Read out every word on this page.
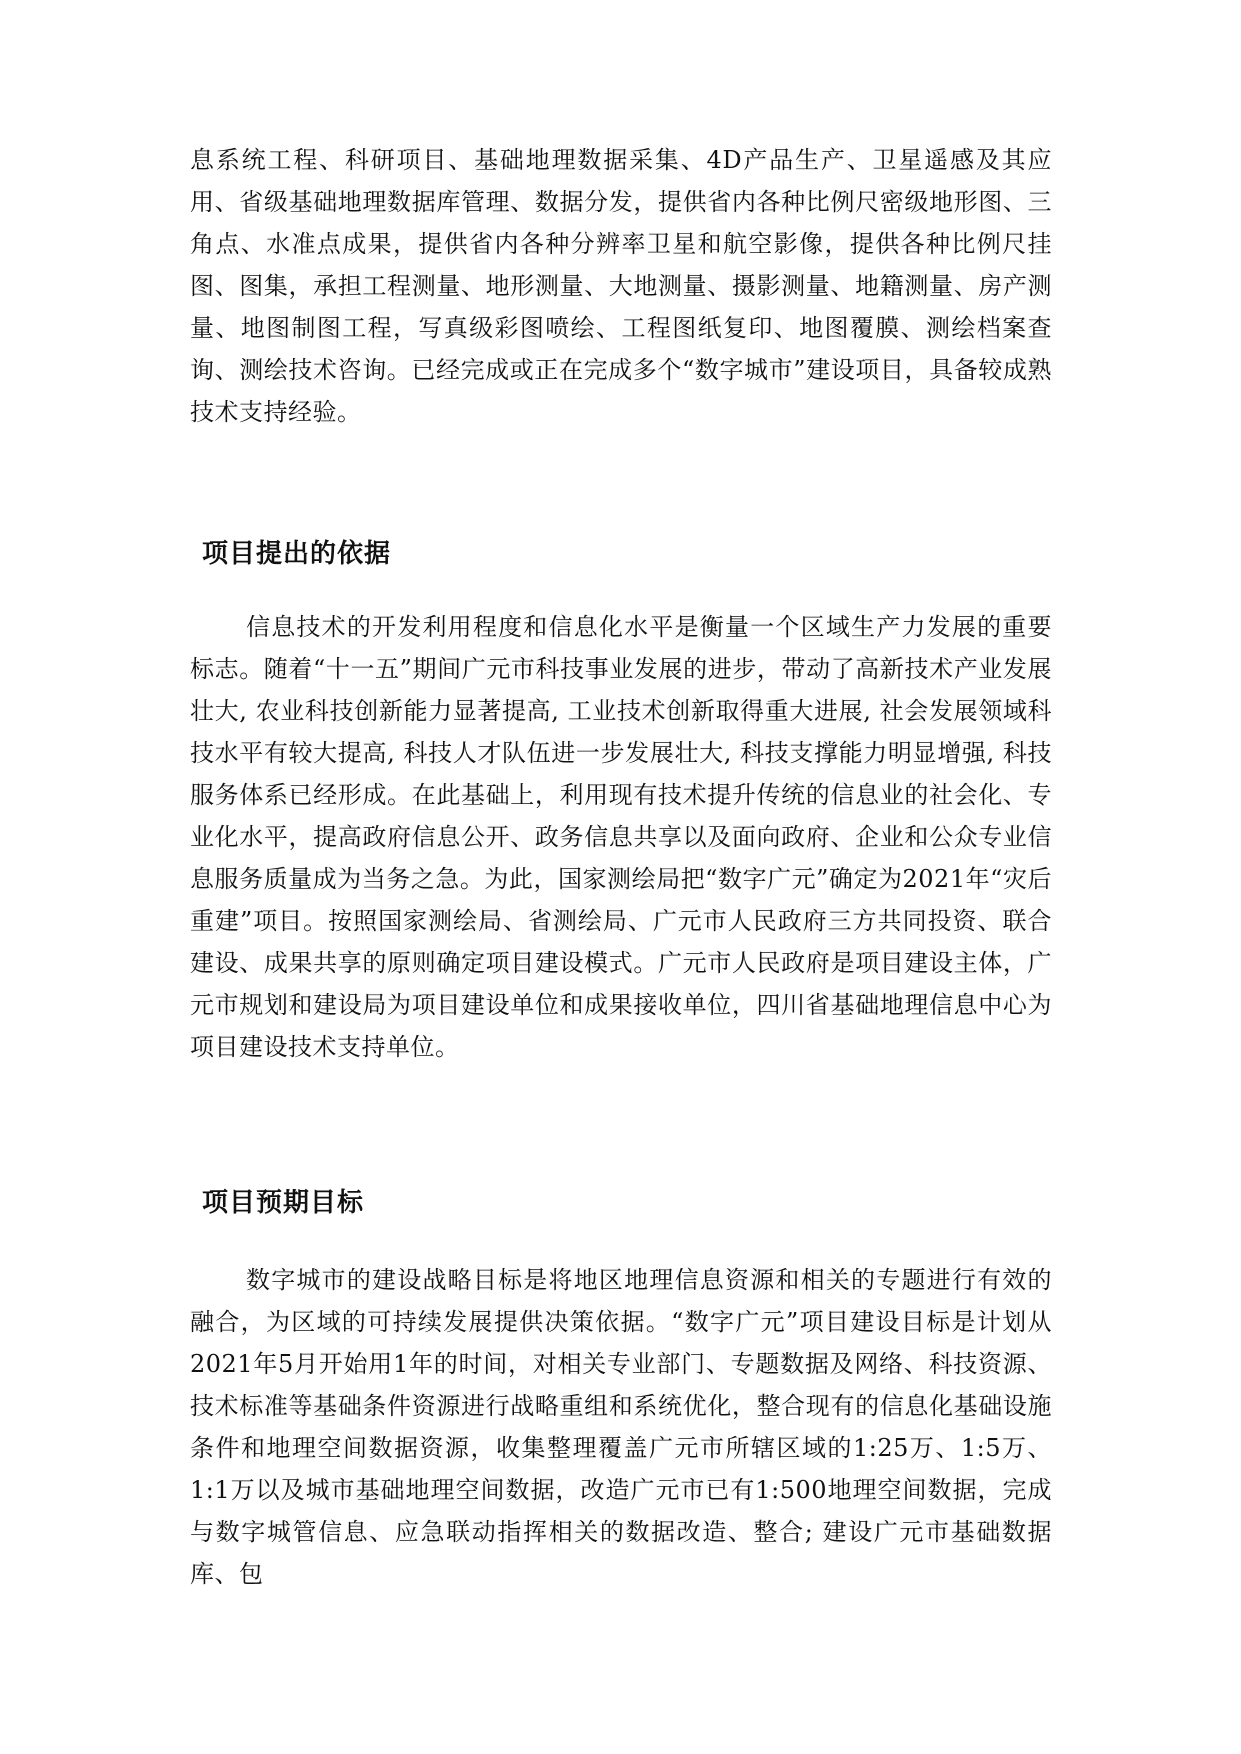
息系统工程、科研项目、基础地理数据采集、4D产品生产、卫星遥感及其应用、省级基础地理数据库管理、数据分发，提供省内各种比例尺密级地形图、三角点、水准点成果，提供省内各种分辨率卫星和航空影像，提供各种比例尺挂图、图集，承担工程测量、地形测量、大地测量、摄影测量、地籍测量、房产测量、地图制图工程，写真级彩图喷绘、工程图纸复印、地图覆膜、测绘档案查询、测绘技术咨询。已经完成或正在完成多个“数字城市”建设项目，具备较成熟技术支持经验。

项目提出的依据

信息技术的开发利用程度和信息化水平是衡量一个区域生产力发展的重要标志。随着“十一五”期间广元市科技事业发展的进步，带动了高新技术产业发展壮大, 农业科技创新能力显著提高, 工业技术创新取得重大进展, 社会发展领域科技水平有较大提高, 科技人才队伍进一步发展壮大, 科技支撑能力明显增强, 科技服务体系已经形成。在此基础上，利用现有技术提升传统的信息业的社会化、专业化水平，提高政府信息公开、政务信息共享以及面向政府、企业和公众专业信息服务质量成为当务之急。为此，国家测绘局把“数字广元”确定为2021年“灾后重建”项目。按照国家测绘局、省测绘局、广元市人民政府三方共同投资、联合建设、成果共享的原则确定项目建设模式。广元市人民政府是项目建设主体，广元市规划和建设局为项目建设单位和成果接收单位，四川省基础地理信息中心为项目建设技术支持单位。

项目预期目标

数字城市的建设战略目标是将地区地理信息资源和相关的专题进行有效的融合，为区域的可持续发展提供决策依据。“数字广元”项目建设目标是计划从2021年5月开始用1年的时间，对相关专业部门、专题数据及网络、科技资源、技术标准等基础条件资源进行战略重组和系统优化，整合现有的信息化基础设施条件和地理空间数据资源，收集整理覆盖广元市所辖区域的1:25万、1:5万、1:1万以及城市基础地理空间数据，改造广元市已有1:500地理空间数据，完成与数字城管信息、应急联动指挥相关的数据改造、整合; 建设广元市基础数据库、包
